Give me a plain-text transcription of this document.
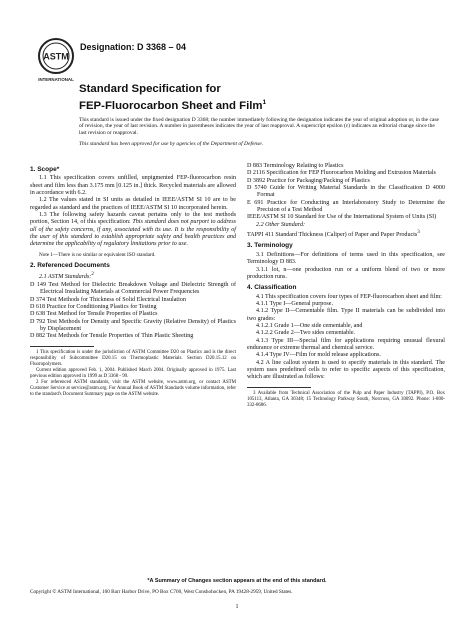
ASTM
INTERNATIONAL
Designation: D 3368 – 04
Standard Specification for
FEP-Fluorocarbon Sheet and Film$^1$
This standard is issued under the fixed designation D 3368; the number immediately following the designation indicates the year of original adoption or, in the case of revision, the year of last revision. A number in parentheses indicates the year of last reapproval. A superscript epsilon (ε) indicates an editorial change since the last revision or reapproval.
This standard has been approved for use by agencies of the Department of Defense.

1. Scope*

1.1 This specification covers unfilled, unpigmented FEP-fluorocarbon resin sheet and film less than 3.175 mm [0.125 in.] thick. Recycled materials are allowed in accordance with 6.2.

1.2 The values stated in SI units as detailed in IEEE/ASTM SI 10 are to be regarded as standard and the practices of IEEE/ASTM SI 10 incorporated herein.

1.3 The following safety hazards caveat pertains only to the test methods portion, Section 14, of this specification: This standard does not purport to address all of the safety concerns, if any, associated with its use. It is the responsibility of the user of this standard to establish appropriate safety and health practices and determine the applicability of regulatory limitations prior to use.

Note 1—There is no similar or equivalent ISO standard.

2. Referenced Documents

2.1 ASTM Standards:$^2$

D 149 Test Method for Dielectric Breakdown Voltage and Dielectric Strength of Electrical Insulating Materials at Commercial Power Frequencies

D 374 Test Methods for Thickness of Solid Electrical Insulation

D 618 Practice for Conditioning Plastics for Testing

D 638 Test Method for Tensile Properties of Plastics

D 792 Test Methods for Density and Specific Gravity (Relative Density) of Plastics by Displacement

D 882 Test Methods for Tensile Properties of Thin Plastic Sheeting

1 This specification is under the jurisdiction of ASTM Committee D20 on Plastics and is the direct responsibility of Subcommittee D20.15 on Thermoplastic Materials. Section D20.15.12 on Fluoropolymers.

Current edition approved Feb. 1, 2004. Published March 2004. Originally approved in 1975. Last previous edition approved in 1999 as D 3368 - 99.

2 For referenced ASTM standards, visit the ASTM website, www.astm.org, or contact ASTM Customer Service at service@astm.org. For Annual Book of ASTM Standards volume information, refer to the standard's Document Summary page on the ASTM website.

D 883 Terminology Relating to Plastics

D 2116 Specification for FEP Fluorocarbon Molding and Extrusion Materials

D 3892 Practice for Packaging/Packing of Plastics

D 5740 Guide for Writing Material Standards in the Classification D 4000 Format

E 691 Practice for Conducting an Interlaboratory Study to Determine the Precision of a Test Method

IEEE/ASTM SI 10 Standard for Use of the International System of Units (SI)

2.2 Other Standard:

TAPPI 411 Standard Thickness (Caliper) of Paper and Paper Products$^3$

3. Terminology

3.1 Definitions—For definitions of terms used in this specification, see Terminology D 883.

3.1.1 lot, n—one production run or a uniform blend of two or more production runs.

4. Classification

4.1 This specification covers four types of FEP-fluorocarbon sheet and film:

4.1.1 Type I—General purpose.

4.1.2 Type II—Cementable film. Type II materials can be subdivided into two grades:

4.1.2.1 Grade 1—One side cementable, and

4.1.2.2 Grade 2—Two sides cementable.

4.1.3 Type III—Special film for applications requiring unusual flexural endurance or extreme thermal and chemical service.

4.1.4 Type IV—Film for mold release applications.

4.2 A line callout system is used to specify materials in this standard. The system uses predefined cells to refer to specific aspects of this specification, which are illustrated as follows:

3 Available from Technical Association of the Pulp and Paper Industry (TAPPI), P.O. Box 105113, Atlanta, GA 30348; 15 Technology Parkway South, Norcross, GA 30092. Phone: 1-800-332-8686.

*A Summary of Changes section appears at the end of this standard.
Copyright © ASTM International, 100 Barr Harbor Drive, PO Box C700, West Conshohocken, PA 19428-2959, United States.
1
